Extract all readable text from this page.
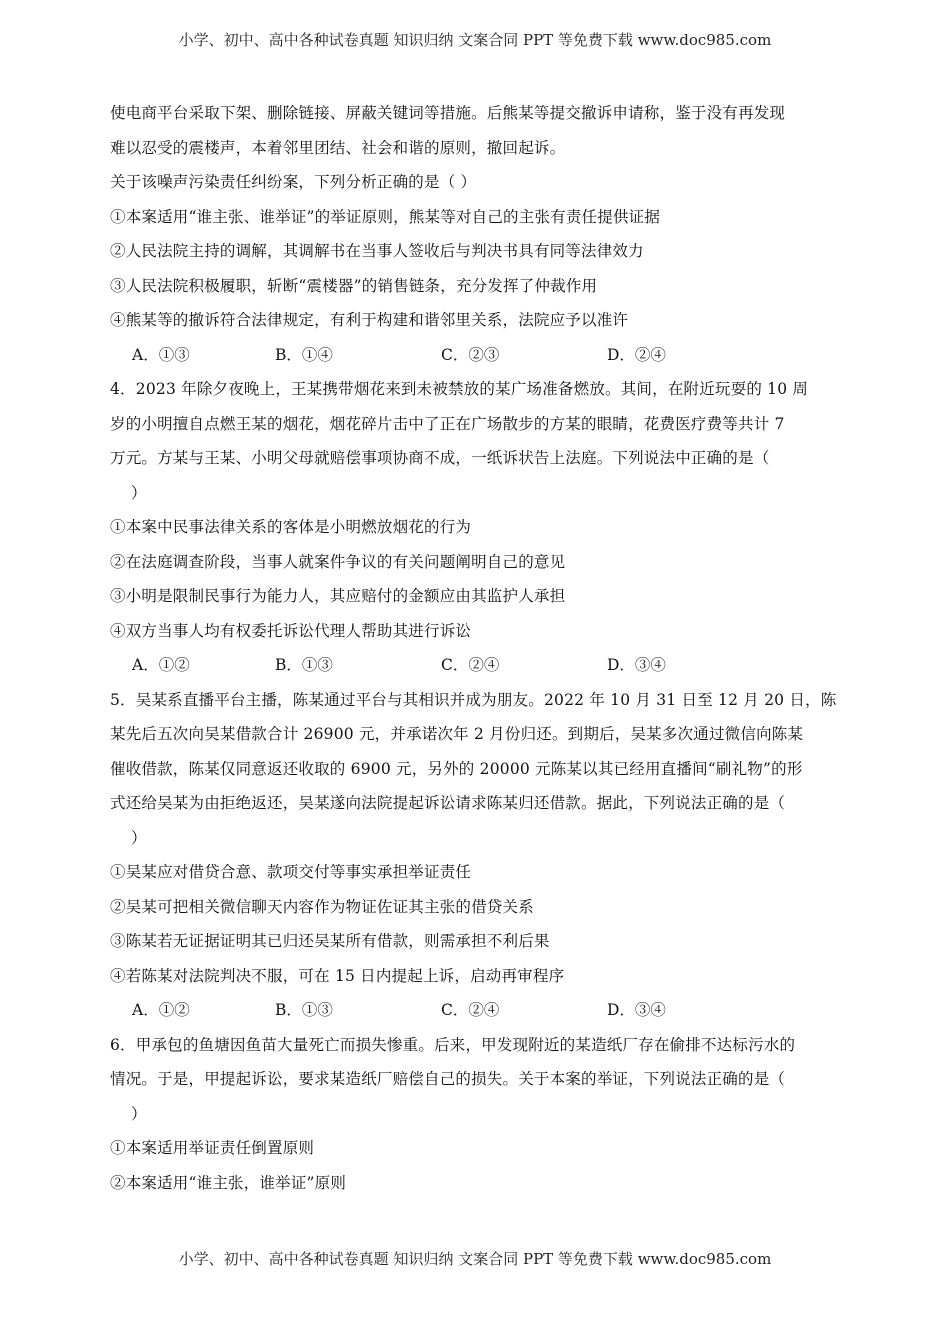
小学、初中、高中各种试卷真题 知识归纳 文案合同 PPT 等免费下载 www.doc985.com
使电商平台采取下架、删除链接、屏蔽关键词等措施。后熊某等提交撤诉申请称，鉴于没有再发现
难以忍受的震楼声，本着邻里团结、社会和谐的原则，撤回起诉。
关于该噪声污染责任纠纷案，下列分析正确的是（ ）
①本案适用“谁主张、谁举证”的举证原则，熊某等对自己的主张有责任提供证据
②人民法院主持的调解，其调解书在当事人签收后与判决书具有同等法律效力
③人民法院积极履职，斩断“震楼器”的销售链条，充分发挥了仲裁作用
④熊某等的撤诉符合法律规定，有利于构建和谐邻里关系，法院应予以准许
A．①③	B．①④	C．②③	D．②④
4．2023 年除夕夜晚上，王某携带烟花来到未被禁放的某广场准备燃放。其间，在附近玩耍的 10 周
岁的小明擅自点燃王某的烟花，烟花碎片击中了正在广场散步的方某的眼睛，花费医疗费等共计 7
万元。方某与王某、小明父母就赔偿事项协商不成，一纸诉状告上法庭。下列说法中正确的是（
）
①本案中民事法律关系的客体是小明燃放烟花的行为
②在法庭调查阶段，当事人就案件争议的有关问题阐明自己的意见
③小明是限制民事行为能力人，其应赔付的金额应由其监护人承担
④双方当事人均有权委托诉讼代理人帮助其进行诉讼
A．①②	B．①③	C．②④	D．③④
5．吴某系直播平台主播，陈某通过平台与其相识并成为朋友。2022 年 10 月 31 日至 12 月 20 日，陈
某先后五次向吴某借款合计 26900 元，并承诺次年 2 月份归还。到期后，吴某多次通过微信向陈某
催收借款，陈某仅同意返还收取的 6900 元，另外的 20000 元陈某以其已经用直播间“刷礼物”的形
式还给吴某为由拒绝返还，吴某遂向法院提起诉讼请求陈某归还借款。据此，下列说法正确的是（
）
①吴某应对借贷合意、款项交付等事实承担举证责任
②吴某可把相关微信聊天内容作为物证佐证其主张的借贷关系
③陈某若无证据证明其已归还吴某所有借款，则需承担不利后果
④若陈某对法院判决不服，可在 15 日内提起上诉，启动再审程序
A．①②	B．①③	C．②④	D．③④
6．甲承包的鱼塘因鱼苗大量死亡而损失惨重。后来，甲发现附近的某造纸厂存在偷排不达标污水的
情况。于是，甲提起诉讼，要求某造纸厂赔偿自己的损失。关于本案的举证，下列说法正确的是（
）
①本案适用举证责任倒置原则
②本案适用“谁主张，谁举证”原则
小学、初中、高中各种试卷真题 知识归纳 文案合同 PPT 等免费下载 www.doc985.com
